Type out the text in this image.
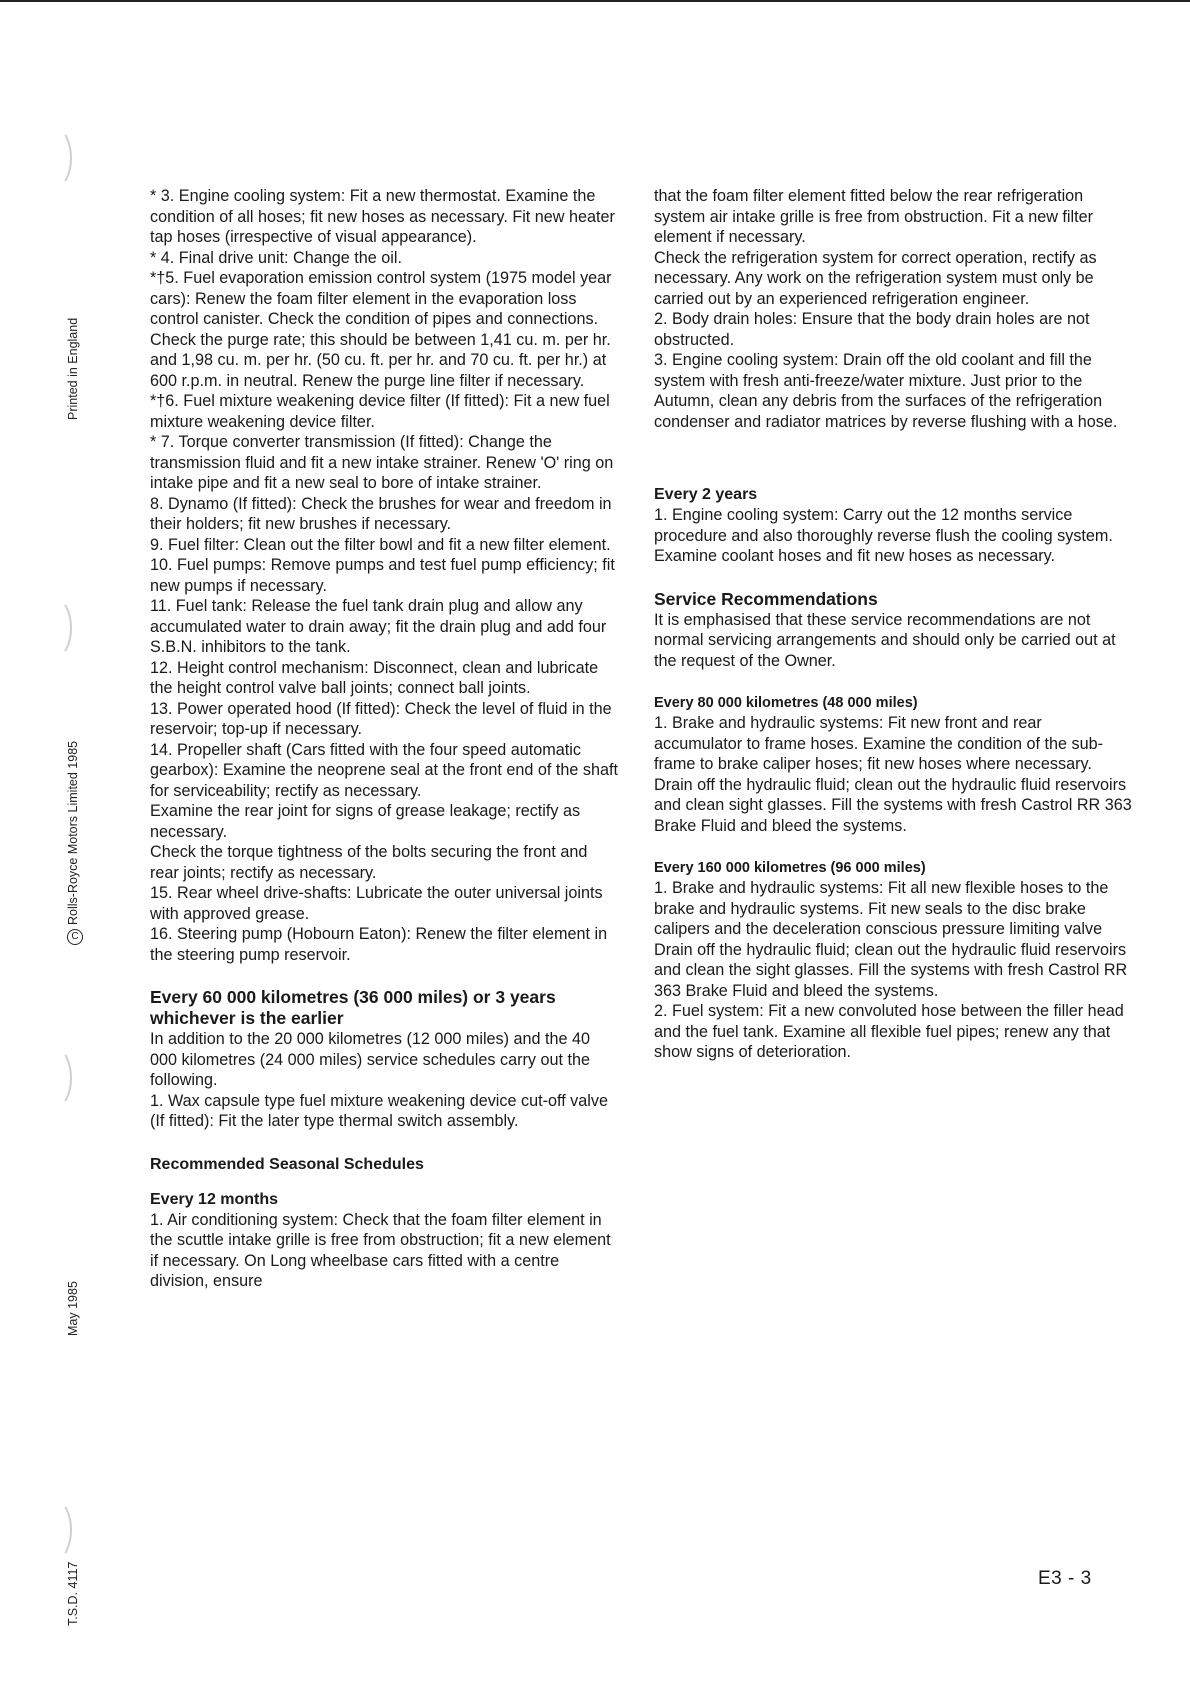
Printed in England
CRolls-Royce Motors Limited 1985
May 1985
T.S.D. 4117

* 3. Engine cooling system: Fit a new thermostat. Examine the condition of all hoses; fit new hoses as necessary. Fit new heater tap hoses (irrespective of visual appearance).

* 4. Final drive unit: Change the oil.

*†5. Fuel evaporation emission control system (1975 model year cars): Renew the foam filter element in the evaporation loss control canister. Check the condition of pipes and connections. Check the purge rate; this should be between 1,41 cu. m. per hr. and 1,98 cu. m. per hr. (50 cu. ft. per hr. and 70 cu. ft. per hr.) at 600 r.p.m. in neutral. Renew the purge line filter if necessary.

*†6. Fuel mixture weakening device filter (If fitted): Fit a new fuel mixture weakening device filter.

* 7. Torque converter transmission (If fitted): Change the transmission fluid and fit a new intake strainer. Renew 'O' ring on intake pipe and fit a new seal to bore of intake strainer.

8. Dynamo (If fitted): Check the brushes for wear and freedom in their holders; fit new brushes if necessary.

9. Fuel filter: Clean out the filter bowl and fit a new filter element.

10. Fuel pumps: Remove pumps and test fuel pump efficiency; fit new pumps if necessary.

11. Fuel tank: Release the fuel tank drain plug and allow any accumulated water to drain away; fit the drain plug and add four S.B.N. inhibitors to the tank.

12. Height control mechanism: Disconnect, clean and lubricate the height control valve ball joints; connect ball joints.

13. Power operated hood (If fitted): Check the level of fluid in the reservoir; top-up if necessary.

14. Propeller shaft (Cars fitted with the four speed automatic gearbox): Examine the neoprene seal at the front end of the shaft for serviceability; rectify as necessary.

Examine the rear joint for signs of grease leakage; rectify as necessary.

Check the torque tightness of the bolts securing the front and rear joints; rectify as necessary.

15. Rear wheel drive-shafts: Lubricate the outer universal joints with approved grease.

16. Steering pump (Hobourn Eaton): Renew the filter element in the steering pump reservoir.

Every 60 000 kilometres (36 000 miles) or 3 years whichever is the earlier

In addition to the 20 000 kilometres (12 000 miles) and the 40 000 kilometres (24 000 miles) service schedules carry out the following.

1. Wax capsule type fuel mixture weakening device cut-off valve (If fitted): Fit the later type thermal switch assembly.

Recommended Seasonal Schedules
Every 12 months

1. Air conditioning system: Check that the foam filter element in the scuttle intake grille is free from obstruction; fit a new element if necessary. On Long wheelbase cars fitted with a centre division, ensure

that the foam filter element fitted below the rear refrigeration system air intake grille is free from obstruction. Fit a new filter element if necessary.

Check the refrigeration system for correct operation, rectify as necessary. Any work on the refrigeration system must only be carried out by an experienced refrigeration engineer.

2. Body drain holes: Ensure that the body drain holes are not obstructed.

3. Engine cooling system: Drain off the old coolant and fill the system with fresh anti-freeze/water mixture. Just prior to the Autumn, clean any debris from the surfaces of the refrigeration condenser and radiator matrices by reverse flushing with a hose.

Every 2 years

1. Engine cooling system: Carry out the 12 months service procedure and also thoroughly reverse flush the cooling system. Examine coolant hoses and fit new hoses as necessary.

Service Recommendations

It is emphasised that these service recommendations are not normal servicing arrangements and should only be carried out at the request of the Owner.

Every 80 000 kilometres (48 000 miles)

1. Brake and hydraulic systems: Fit new front and rear accumulator to frame hoses. Examine the condition of the sub-frame to brake caliper hoses; fit new hoses where necessary. Drain off the hydraulic fluid; clean out the hydraulic fluid reservoirs and clean sight glasses. Fill the systems with fresh Castrol RR 363 Brake Fluid and bleed the systems.

Every 160 000 kilometres (96 000 miles)

1. Brake and hydraulic systems: Fit all new flexible hoses to the brake and hydraulic systems. Fit new seals to the disc brake calipers and the deceleration conscious pressure limiting valve Drain off the hydraulic fluid; clean out the hydraulic fluid reservoirs and clean the sight glasses. Fill the systems with fresh Castrol RR 363 Brake Fluid and bleed the systems.

2. Fuel system: Fit a new convoluted hose between the filler head and the fuel tank. Examine all flexible fuel pipes; renew any that show signs of deterioration.

E3 - 3
